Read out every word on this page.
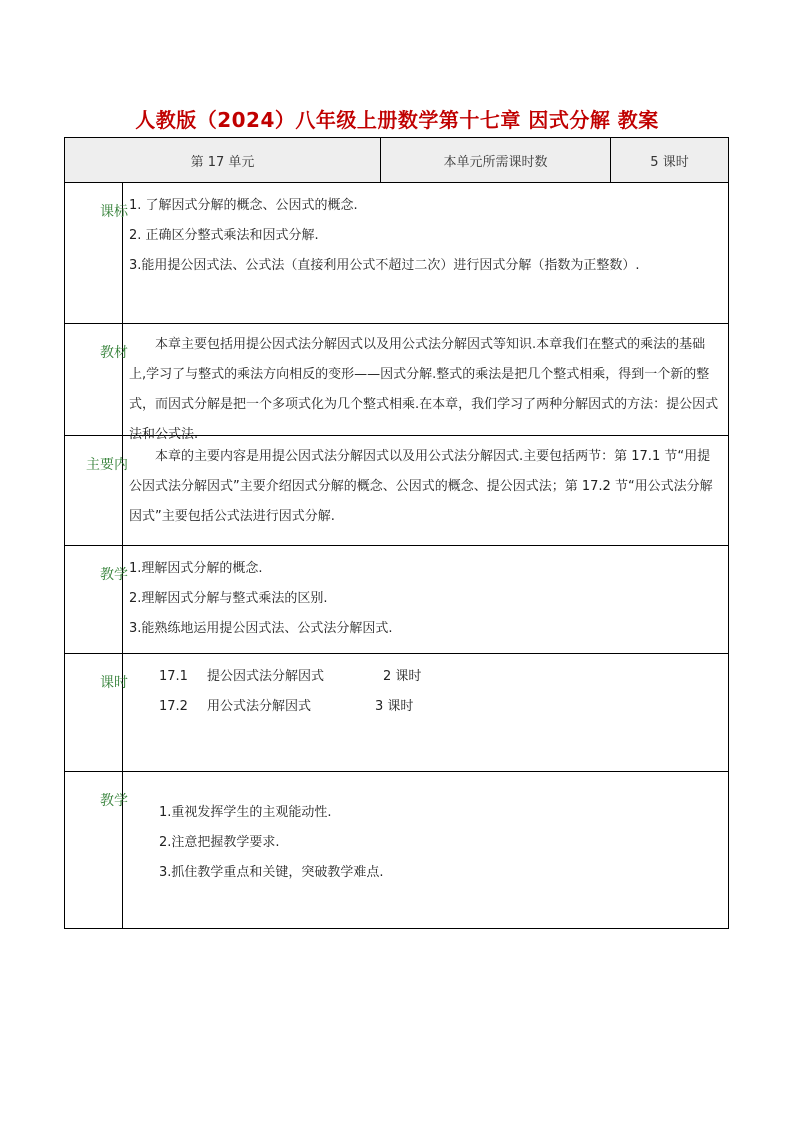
人教版（2024）八年级上册数学第十七章 因式分解 教案
第 17 单元	本单元所需课时数	5 课时
课标 1. 了解因式分解的概念、公因式的概念.
2. 正确区分整式乘法和因式分解.
3.能用提公因式法、公式法（直接利用公式不超过二次）进行因式分解（指数为正整数）.
教材
本章主要包括用提公因式法分解因式以及用公式法分解因式等知识.本章我们在整式的乘法的基础上,学习了与整式的乘法方向相反的变形——因式分解.整式的乘法是把几个整式相乘，得到一个新的整式，而因式分解是把一个多项式化为几个整式相乘.在本章，我们学习了两种分解因式的方法：提公因式法和公式法.
主要内
本章的主要内容是用提公因式法分解因式以及用公式法分解因式.主要包括两节：第 17.1 节“用提公因式法分解因式”主要介绍因式分解的概念、公因式的概念、提公因式法；第 17.2 节“用公式法分解因式”主要包括公式法进行因式分解.
教学 1.理解因式分解的概念.
2.理解因式分解与整式乘法的区别.
3.能熟练地运用提公因式法、公式法分解因式.
课时 17.1	提公因式法分解因式	2 课时
17.2	用公式法分解因式	3 课时
教学
1.重视发挥学生的主观能动性.
2.注意把握教学要求.
3.抓住教学重点和关键，突破教学难点.
